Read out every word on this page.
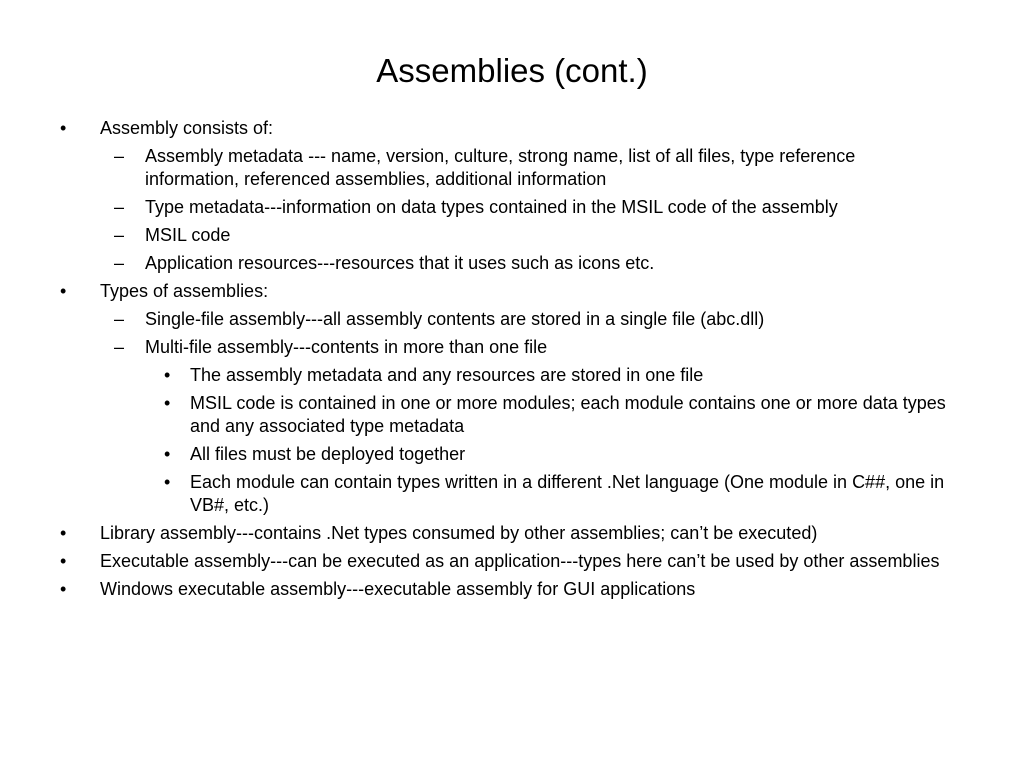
Assemblies (cont.)
• Assembly consists of:
– Assembly metadata --- name, version, culture, strong name, list of all files, type reference information, referenced assemblies, additional information
– Type metadata---information on data types contained in the MSIL code of the assembly
– MSIL code
– Application resources---resources that it uses such as icons etc.
• Types of assemblies:
– Single-file assembly---all assembly contents are stored in a single file (abc.dll)
– Multi-file assembly---contents in more than one file
• The assembly metadata and any resources are stored in one file
• MSIL code is contained in one or more modules; each module contains one or more data types and any associated type metadata
• All files must be deployed together
• Each module can contain types written in a different .Net language (One module in C##, one in VB#, etc.)
• Library assembly---contains .Net types consumed by other assemblies; can’t be executed)
• Executable assembly---can be executed as an application---types here can’t be used by other assemblies
• Windows executable assembly---executable assembly for GUI applications
